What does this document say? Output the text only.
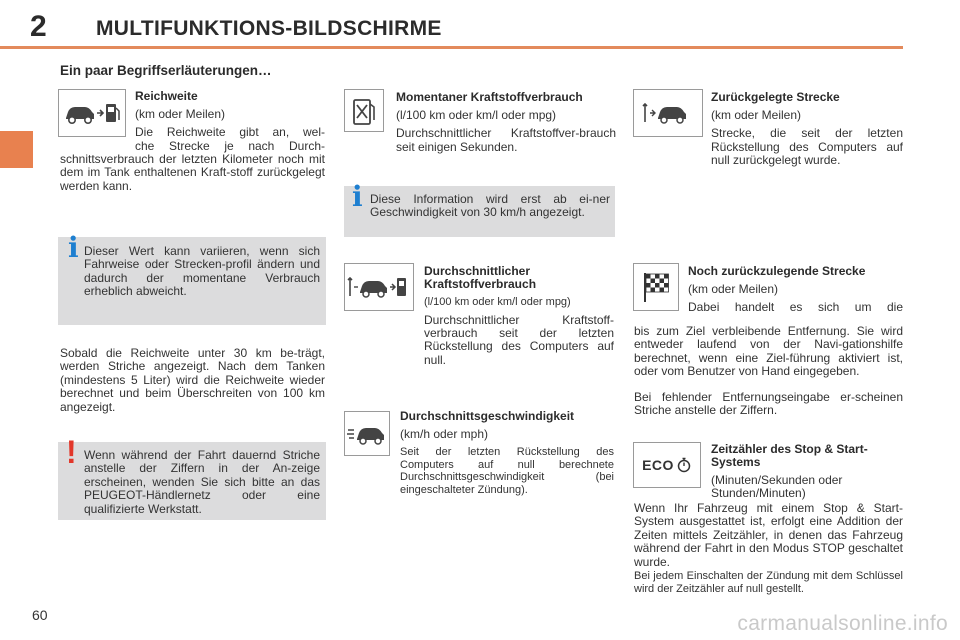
2 MULTIFUNKTIONS-BILDSCHIRME
Ein paar Begriffserläuterungen…

Reichweite

(km oder Meilen)

Die Reichweite gibt an, wel-

che Strecke je nach Durch-

schnittsverbrauch der letzten Kilometer noch mit dem im Tank enthaltenen Kraft-stoff zurückgelegt werden kann.
i Dieser Wert kann variieren, wenn sich Fahrweise oder Strecken-profil ändern und dadurch der momentane Verbrauch erheblich abweicht.
Sobald die Reichweite unter 30 km be-trägt, werden Striche angezeigt. Nach dem Tanken (mindestens 5 Liter) wird die Reichweite wieder berechnet und beim Überschreiten von 100 km angezeigt.
! Wenn während der Fahrt dauernd Striche anstelle der Ziffern in der An-zeige erscheinen, wenden Sie sich bitte an das PEUGEOT-Händlernetz oder eine qualifizierte Werkstatt.

Momentaner Kraftstoffverbrauch

(l/100 km oder km/l oder mpg)

Durchschnittlicher Kraftstoffver-brauch seit einigen Sekunden.

i Diese Information wird erst ab ei-ner Geschwindigkeit von 30 km/h angezeigt.

Durchschnittlicher Kraftstoffverbrauch

(l/100 km oder km/l oder mpg)

Durchschnittlicher Kraftstoff-verbrauch seit der letzten Rückstellung des Computers auf null.

Durchschnittsgeschwindigkeit

(km/h oder mph)

Seit der letzten Rückstellung des Computers auf null berechnete Durchschnittsgeschwindigkeit (bei eingeschalteter Zündung).

Zurückgelegte Strecke

(km oder Meilen)

Strecke, die seit der letzten Rückstellung des Computers auf null zurückgelegt wurde.

Noch zurückzulegende Strecke

(km oder Meilen)

Dabei handelt es sich um die

bis zum Ziel verbleibende Entfernung. Sie wird entweder laufend von der Navi-gationshilfe berechnet, wenn eine Ziel-führung aktiviert ist, oder vom Benutzer von Hand eingegeben.
Bei fehlender Entfernungseingabe er-scheinen Striche anstelle der Ziffern.
ECO

Zeitzähler des Stop & Start-Systems

(Minuten/Sekunden oder Stunden/Minuten)

Wenn Ihr Fahrzeug mit einem Stop & Start-System ausgestattet ist, erfolgt eine Addition der Zeiten mittels Zeitzähler, in denen das Fahrzeug während der Fahrt in den Modus STOP geschaltet wurde.
Bei jedem Einschalten der Zündung mit dem Schlüssel wird der Zeitzähler auf null gestellt.
60	carmanualsonline.info
